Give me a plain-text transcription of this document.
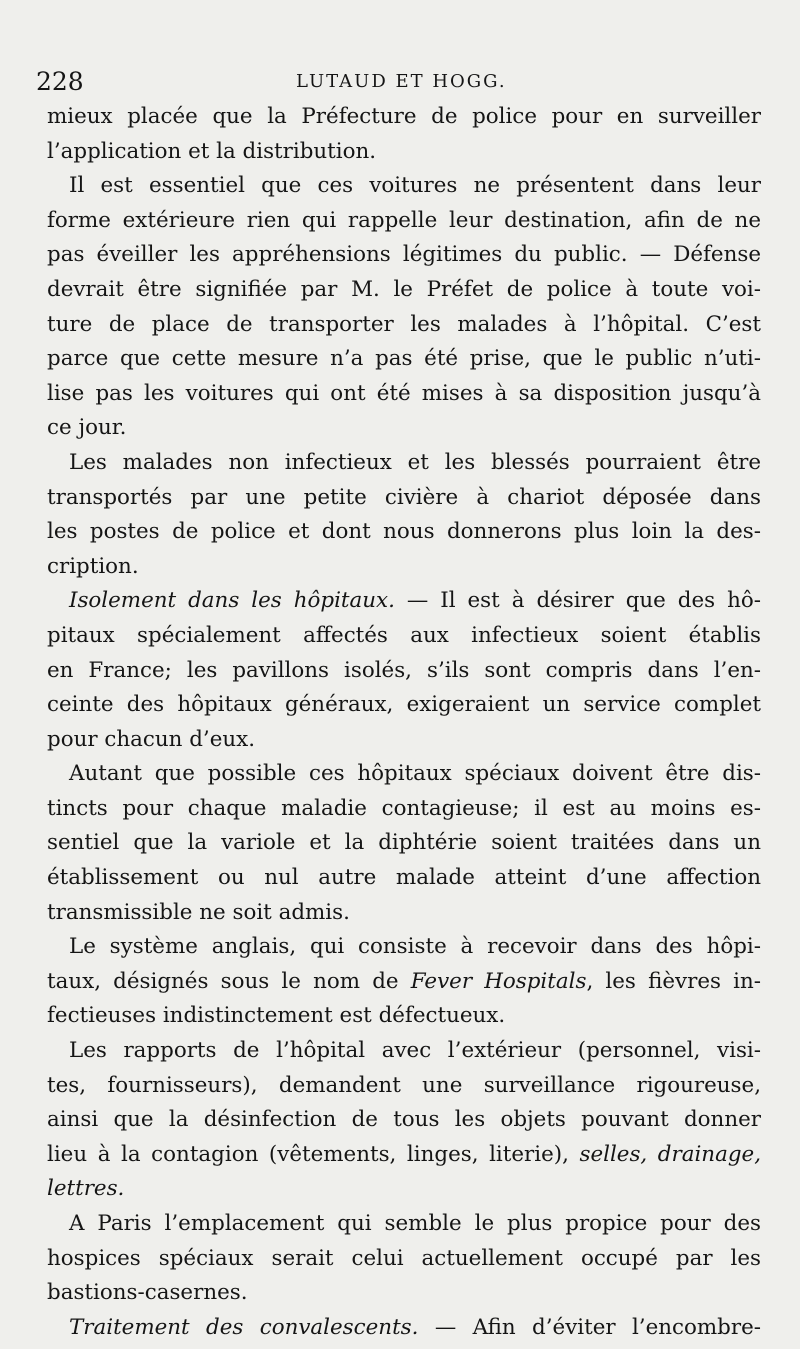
228	LUTAUD ET HOGG.
mieux placée que la Préfecture de police pour en surveiller
l’application et la distribution.
Il est essentiel que ces voitures ne présentent dans leur
forme extérieure rien qui rappelle leur destination, afin de ne
pas éveiller les appréhensions légitimes du public. — Défense
devrait être signifiée par M. le Préfet de police à toute voi-
ture de place de transporter les malades à l’hôpital. C’est
parce que cette mesure n’a pas été prise, que le public n’uti-
lise pas les voitures qui ont été mises à sa disposition jusqu’à
ce jour.
Les malades non infectieux et les blessés pourraient être
transportés par une petite civière à chariot déposée dans
les postes de police et dont nous donnerons plus loin la des-
cription.
Isolement dans les hôpitaux. — Il est à désirer que des hô-
pitaux spécialement affectés aux infectieux soient établis
en France; les pavillons isolés, s’ils sont compris dans l’en-
ceinte des hôpitaux généraux, exigeraient un service complet
pour chacun d’eux.
Autant que possible ces hôpitaux spéciaux doivent être dis-
tincts pour chaque maladie contagieuse; il est au moins es-
sentiel que la variole et la diphtérie soient traitées dans un
établissement ou nul autre malade atteint d’une affection
transmissible ne soit admis.
Le système anglais, qui consiste à recevoir dans des hôpi-
taux, désignés sous le nom de Fever Hospitals, les fièvres in-
fectieuses indistinctement est défectueux.
Les rapports de l’hôpital avec l’extérieur (personnel, visi-
tes, fournisseurs), demandent une surveillance rigoureuse,
ainsi que la désinfection de tous les objets pouvant donner
lieu à la contagion (vêtements, linges, literie), selles, drainage,
lettres.
A Paris l’emplacement qui semble le plus propice pour des
hospices spéciaux serait celui actuellement occupé par les
bastions-casernes.
Traitement des convalescents. — Afin d’éviter l’encombre-
